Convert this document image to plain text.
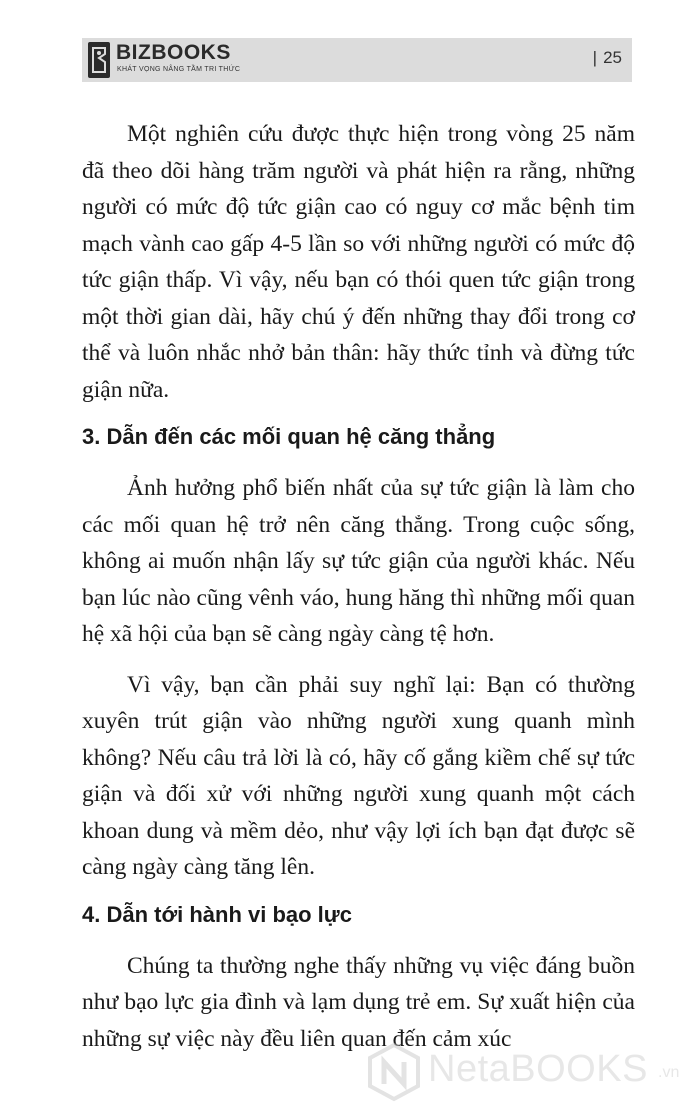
BIZBOOKS
KHÁT VỌNG NÂNG TẦM TRI THỨC
| 25

Một nghiên cứu được thực hiện trong vòng 25 năm đã theo dõi hàng trăm người và phát hiện ra rằng, những người có mức độ tức giận cao có nguy cơ mắc bệnh tim mạch vành cao gấp 4-5 lần so với những người có mức độ tức giận thấp. Vì vậy, nếu bạn có thói quen tức giận trong một thời gian dài, hãy chú ý đến những thay đổi trong cơ thể và luôn nhắc nhở bản thân: hãy thức tỉnh và đừng tức giận nữa.

3. Dẫn đến các mối quan hệ căng thẳng

Ảnh hưởng phổ biến nhất của sự tức giận là làm cho các mối quan hệ trở nên căng thẳng. Trong cuộc sống, không ai muốn nhận lấy sự tức giận của người khác. Nếu bạn lúc nào cũng vênh váo, hung hăng thì những mối quan hệ xã hội của bạn sẽ càng ngày càng tệ hơn.

Vì vậy, bạn cần phải suy nghĩ lại: Bạn có thường xuyên trút giận vào những người xung quanh mình không? Nếu câu trả lời là có, hãy cố gắng kiềm chế sự tức giận và đối xử với những người xung quanh một cách khoan dung và mềm dẻo, như vậy lợi ích bạn đạt được sẽ càng ngày càng tăng lên.

4. Dẫn tới hành vi bạo lực

Chúng ta thường nghe thấy những vụ việc đáng buồn như bạo lực gia đình và lạm dụng trẻ em. Sự xuất hiện của những sự việc này đều liên quan đến cảm xúc

NetaBOOKS .vn
